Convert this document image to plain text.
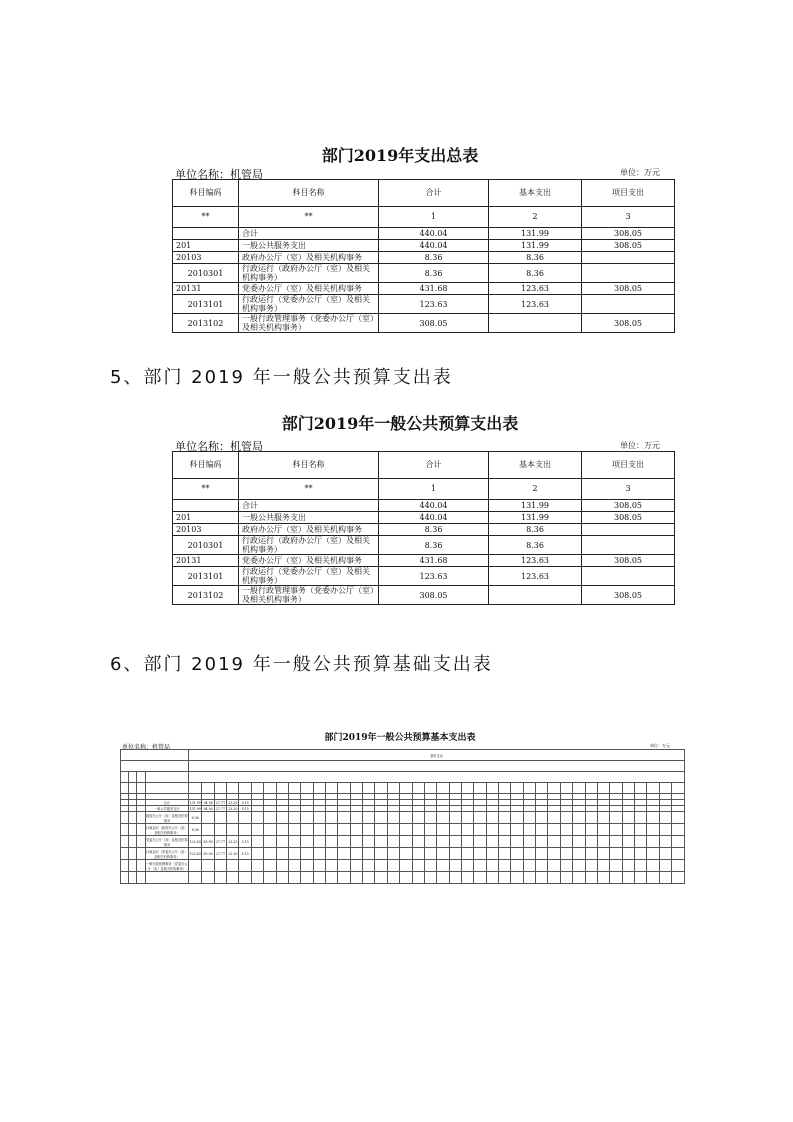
部门2019年支出总表
单位名称：机管局	单位：万元
科目编码	科目名称	合计	基本支出	项目支出
**	**	1	2	3
	合计	440.04	131.99	308.05
201	一般公共服务支出	440.04	131.99	308.05
20103	政府办公厅（室）及相关机构事务	8.36	8.36	
2010301	行政运行（政府办公厅（室）及相关机构事务）	8.36	8.36	
20131	党委办公厅（室）及相关机构事务	431.68	123.63	308.05
2013101	行政运行（党委办公厅（室）及相关机构事务）	123.63	123.63	
2013102	一般行政管理事务（党委办公厅（室）及相关机构事务）	308.05		308.05
5、部门 2019 年一般公共预算支出表
部门2019年一般公共预算支出表
单位名称：机管局	单位：万元
科目编码	科目名称	合计	基本支出	项目支出
**	**	1	2	3
	合计	440.04	131.99	308.05
201	一般公共服务支出	440.04	131.99	308.05
20103	政府办公厅（室）及相关机构事务	8.36	8.36	
2010301	行政运行（政府办公厅（室）及相关机构事务）	8.36	8.36	
20131	党委办公厅（室）及相关机构事务	431.68	123.63	308.05
2013101	行政运行（党委办公厅（室）及相关机构事务）	123.63	123.63	
2013102	一般行政管理事务（党委办公厅（室）及相关机构事务）	308.05		308.05
6、部门 2019 年一般公共预算基础支出表
部门2019年一般公共预算基本支出表
单位名称：机管局	单位：万元
				基本支出																																							

			合计	131.99	94.56	27.77	23.20	5.15																																			
			一般公共服务支出	131.99	94.56	27.77	23.20	5.15																																			
			政府办公厅（室）及相关机构事务	8.36																																							
			行政运行（政府办公厅（室）及相关机构事务）	8.36																																							
			党委办公厅（室）及相关机构事务	123.63	85.90	27.77	23.20	5.15																																			
			行政运行（党委办公厅（室）及相关机构事务）	123.63	85.90	27.77	23.20	5.15																																			
			一般行政管理事务（党委办公厅（室）及相关机构事务）																																								
